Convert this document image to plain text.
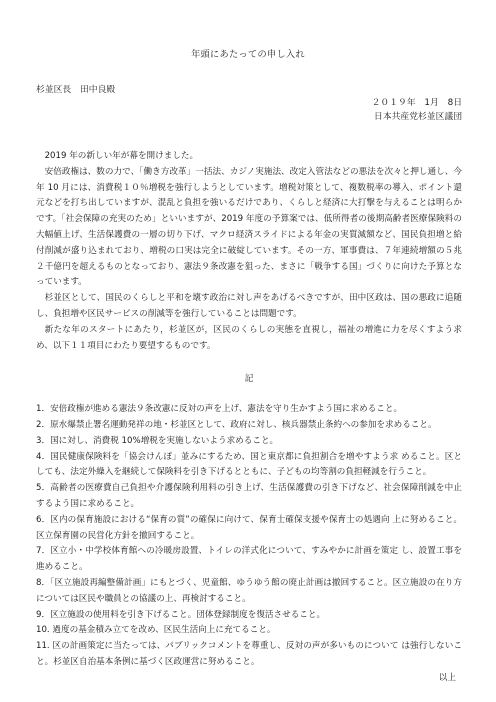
年頭にあたっての申し入れ
杉並区長　田中良殿
２０１９年　1月　8日
日本共産党杉並区議団

2019 年の新しい年が幕を開けました。

安倍政権は、数の力で、「働き方改革」一括法、カジノ実施法、改定入管法などの悪法を次々と押し通し、今年 10 月には、消費税１０％増税を強行しようとしています。増税対策として、複数税率の導入、ポイント還元などを打ち出していますが、混乱と負担を強いるだけであり、くらしと経済に大打撃を与えることは明らかです。「社会保障の充実のため」といいますが、2019 年度の予算案では、低所得者の後期高齢者医療保険料の大幅値上げ、生活保護費の一層の切り下げ、マクロ経済スライドによる年金の実質減額など、国民負担増と給付削減が盛り込まれており、増税の口実は完全に破綻しています。その一方、軍事費は、７年連続増額の５兆２千億円を超えるものとなっており、憲法９条改憲を狙った、まさに「戦争する国」づくりに向けた予算となっています。

杉並区として、国民のくらしと平和を壊す政治に対し声をあげるべきですが、田中区政は、国の悪政に追随し、負担増や区民サービスの削減等を強行していることは問題です。

新たな年のスタートにあたり，杉並区が，区民のくらしの実態を直視し，福祉の増進に力を尽くすよう求め、以下１１項目にわたり要望するものです。

記

1．安倍政権が進める憲法９条改憲に反対の声を上げ、憲法を守り生かすよう国に求めること。

2．原水爆禁止署名運動発祥の地・杉並区として、政府に対し、核兵器禁止条約への参加を求めること。

3．国に対し、消費税 10%増税を実施しないよう求めること。

4．国民健康保険料を「協会けんぽ」並みにするため、国と東京都に負担割合を増やすよう求 めること。区としても、法定外繰入を継続して保険料を引き下げるとともに、子どもの均等割の負担軽減を行うこと。

5．高齢者の医療費自己負担や介護保険利用料の引き上げ、生活保護費の引き下げなど、社会保障削減を中止するよう国に求めること。

6．区内の保育施設における“保育の質”の確保に向けて、保育士確保支援や保育士の処遇向 上に努めること。区立保育園の民営化方針を撤回すること。

7．区立小・中学校体育館への冷暖房設置、トイレの洋式化について、すみやかに計画を策定 し、設置工事を進めること。

8．「区立施設再編整備計画」にもとづく、児童館、ゆうゆう館の廃止計画は撤回すること。区立施設の在り方については区民や職員との協議の上、再検討すること。

9．区立施設の使用料を引き下げること。団体登録制度を復活させること。

10. 過度の基金積み立てを改め、区民生活向上に充てること。

11. 区の計画策定に当たっては、パブリックコメントを尊重し、反対の声が多いものについて は強行しないこと。杉並区自治基本条例に基づく区政運営に努めること。

以上
